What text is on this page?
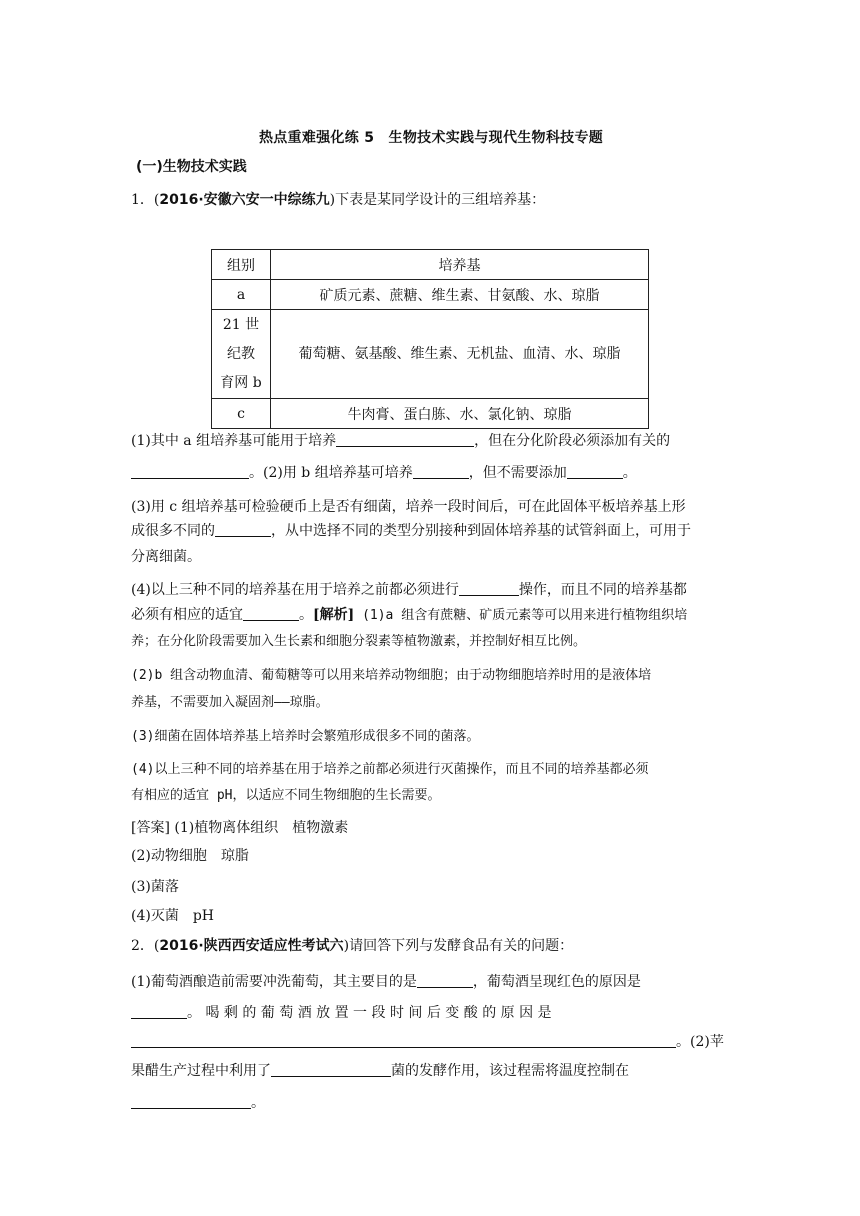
热点重难强化练 5　生物技术实践与现代生物科技专题
(一)生物技术实践
1．(2016·安徽六安一中综练九)下表是某同学设计的三组培养基：
组别	培养基
a	矿质元素、蔗糖、维生素、甘氨酸、水、琼脂

21 世
纪教
育网 b	葡萄糖、氨基酸、维生素、无机盐、血清、水、琼脂
c	牛肉膏、蛋白胨、水、氯化钠、琼脂
(1)其中 a 组培养基可能用于培养	，但在分化阶段必须添加有关的
。(2)用 b 组培养基可培养	，但不需要添加	。
(3)用 c 组培养基可检验硬币上是否有细菌，培养一段时间后，可在此固体平板培养基上形
成很多不同的	，从中选择不同的类型分别接种到固体培养基的试管斜面上，可用于
分离细菌。
(4)以上三种不同的培养基在用于培养之前都必须进行	操作，而且不同的培养基都
必须有相应的适宜	。[解析] (1)a 组含有蔗糖、矿质元素等可以用来进行植物组织培
养；在分化阶段需要加入生长素和细胞分裂素等植物激素，并控制好相互比例。
(2)b 组含动物血清、葡萄糖等可以用来培养动物细胞；由于动物细胞培养时用的是液体培
养基，不需要加入凝固剂——琼脂。
(3)细菌在固体培养基上培养时会繁殖形成很多不同的菌落。
(4)以上三种不同的培养基在用于培养之前都必须进行灭菌操作，而且不同的培养基都必须
有相应的适宜 pH，以适应不同生物细胞的生长需要。
[答案] (1)植物离体组织　植物激素
(2)动物细胞　琼脂
(3)菌落
(4)灭菌　pH
2．(2016·陕西西安适应性考试六)请回答下列与发酵食品有关的问题：
(1)葡萄酒酿造前需要冲洗葡萄，其主要目的是	，葡萄酒呈现红色的原因是
。 喝 剩 的 葡 萄 酒 放 置 一 段 时 间 后 变 酸 的 原 因 是
。(2)苹
果醋生产过程中利用了	菌的发酵作用，该过程需将温度控制在
。
